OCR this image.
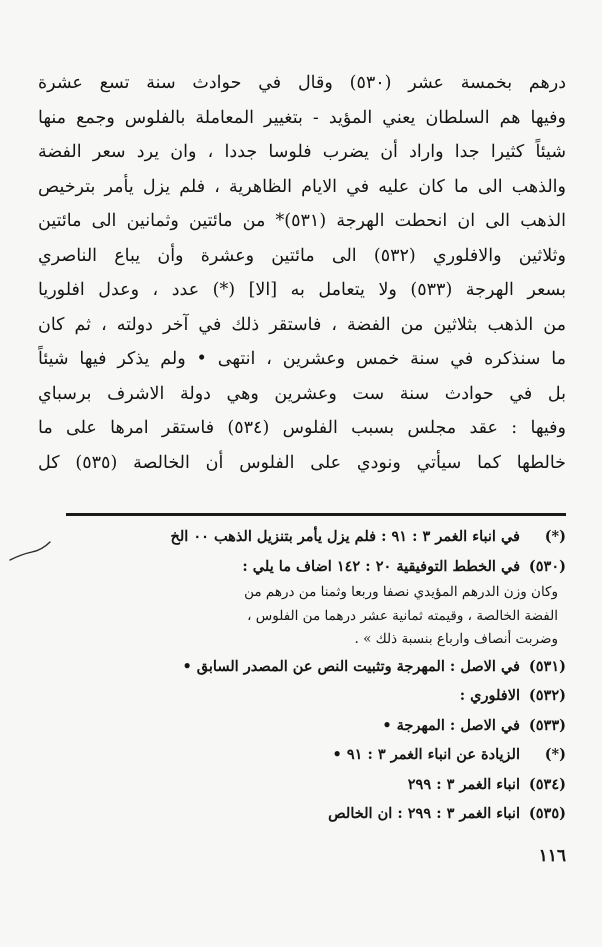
درهم بخمسة عشر (٥٣٠) وقال في حوادث سنة تسع عشرة
وفيها هم السلطان يعني المؤيد - بتغيير المعاملة بالفلوس وجمع منها
شيئاً كثيرا جدا واراد أن يضرب فلوسا جددا ، وان يرد سعر الفضة
والذهب الى ما كان عليه في الايام الظاهرية ، فلم يزل يأمر بترخيص
الذهب الى ان انحطت الهرجة (٥٣١)* من مائتين وثمانين الى مائتين
وثلاثين والافلوري (٥٣٢) الى مائتين وعشرة وأن يباع الناصري
بسعر الهرجة (٥٣٣) ولا يتعامل به [الا] (*) عدد ، وعدل افلوريا
من الذهب بثلاثين من الفضة ، فاستقر ذلك في آخر دولته ، ثم كان
ما سنذكره في سنة خمس وعشرين ، انتهى • ولم يذكر فيها شيئاً
بل في حوادث سنة ست وعشرين وهي دولة الاشرف برسباي
وفيها : عقد مجلس بسبب الفلوس (٥٣٤) فاستقر امرها على ما
خالطها كما سيأتي ونودي على الفلوس أن الخالصة (٥٣٥) كل
(*)
في انباء الغمر ٣ : ٩١ : فلم يزل يأمر بتنزيل الذهب ٠٠ الخ
(٥٣٠)
في الخطط التوفيقية ٢٠ : ١٤٢ اضاف ما يلي :
وكان وزن الدرهم المؤيدي نصفا وربعا وثمنا من درهم من
الفضة الخالصة ، وقيمته ثمانية عشر درهما من الفلوس ،
وضربت أنصاف وارباع بنسبة ذلك » .
(٥٣١)
في الاصل : المهرجة وتثبيت النص عن المصدر السابق •
(٥٣٢)
الافلوري :
(٥٣٣)
في الاصل : المهرجة •
(*)
الزيادة عن انباء الغمر ٣ : ٩١ •
(٥٣٤)
انباء الغمر ٣ : ٢٩٩
(٥٣٥)
انباء الغمر ٣ : ٢٩٩ : ان الخالص
١١٦
